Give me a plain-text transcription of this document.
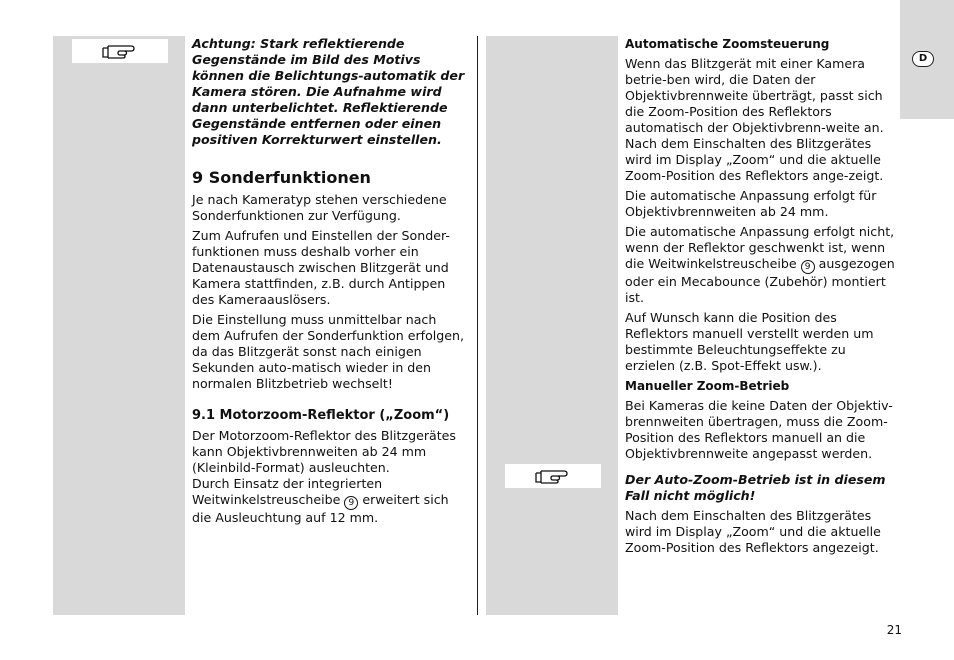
Achtung: Stark reflektierende Gegenstände im Bild des Motivs können die Belichtungs-automatik der Kamera stören. Die Aufnahme wird dann unterbelichtet. Reflektierende Gegenstände entfernen oder einen positiven Korrekturwert einstellen.

9 Sonderfunktionen

Je nach Kameratyp stehen verschiedene Sonderfunktionen zur Verfügung.

Zum Aufrufen und Einstellen der Sonder-funktionen muss deshalb vorher ein Datenaustausch zwischen Blitzgerät und Kamera stattfinden, z.B. durch Antippen des Kameraauslösers.

Die Einstellung muss unmittelbar nach dem Aufrufen der Sonderfunktion erfolgen, da das Blitzgerät sonst nach einigen Sekunden auto-matisch wieder in den normalen Blitzbetrieb wechselt!

9.1 Motorzoom-Reflektor („Zoom“)

Der Motorzoom-Reflektor des Blitzgerätes kann Objektivbrennweiten ab 24 mm (Kleinbild-Format) ausleuchten.

Durch Einsatz der integrierten Weitwinkelstreuscheibe 9 erweitert sich die Ausleuchtung auf 12 mm.

Automatische Zoomsteuerung

Wenn das Blitzgerät mit einer Kamera betrie-ben wird, die Daten der Objektivbrennweite überträgt, passt sich die Zoom-Position des Reflektors automatisch der Objektivbrenn-weite an. Nach dem Einschalten des Blitzgerätes wird im Display „Zoom“ und die aktuelle Zoom-Position des Reflektors ange-zeigt.

Die automatische Anpassung erfolgt für Objektivbrennweiten ab 24 mm.

Die automatische Anpassung erfolgt nicht, wenn der Reflektor geschwenkt ist, wenn die Weitwinkelstreuscheibe 9 ausgezogen oder ein Mecabounce (Zubehör) montiert ist.

Auf Wunsch kann die Position des Reflektors manuell verstellt werden um bestimmte Beleuchtungseffekte zu erzielen (z.B. Spot-Effekt usw.).

Manueller Zoom-Betrieb

Bei Kameras die keine Daten der Objektiv-brennweiten übertragen, muss die Zoom-Position des Reflektors manuell an die Objektivbrennweite angepasst werden.

Der Auto-Zoom-Betrieb ist in diesem Fall nicht möglich!

Nach dem Einschalten des Blitzgerätes wird im Display „Zoom“ und die aktuelle Zoom-Position des Reflektors angezeigt.

D
21
